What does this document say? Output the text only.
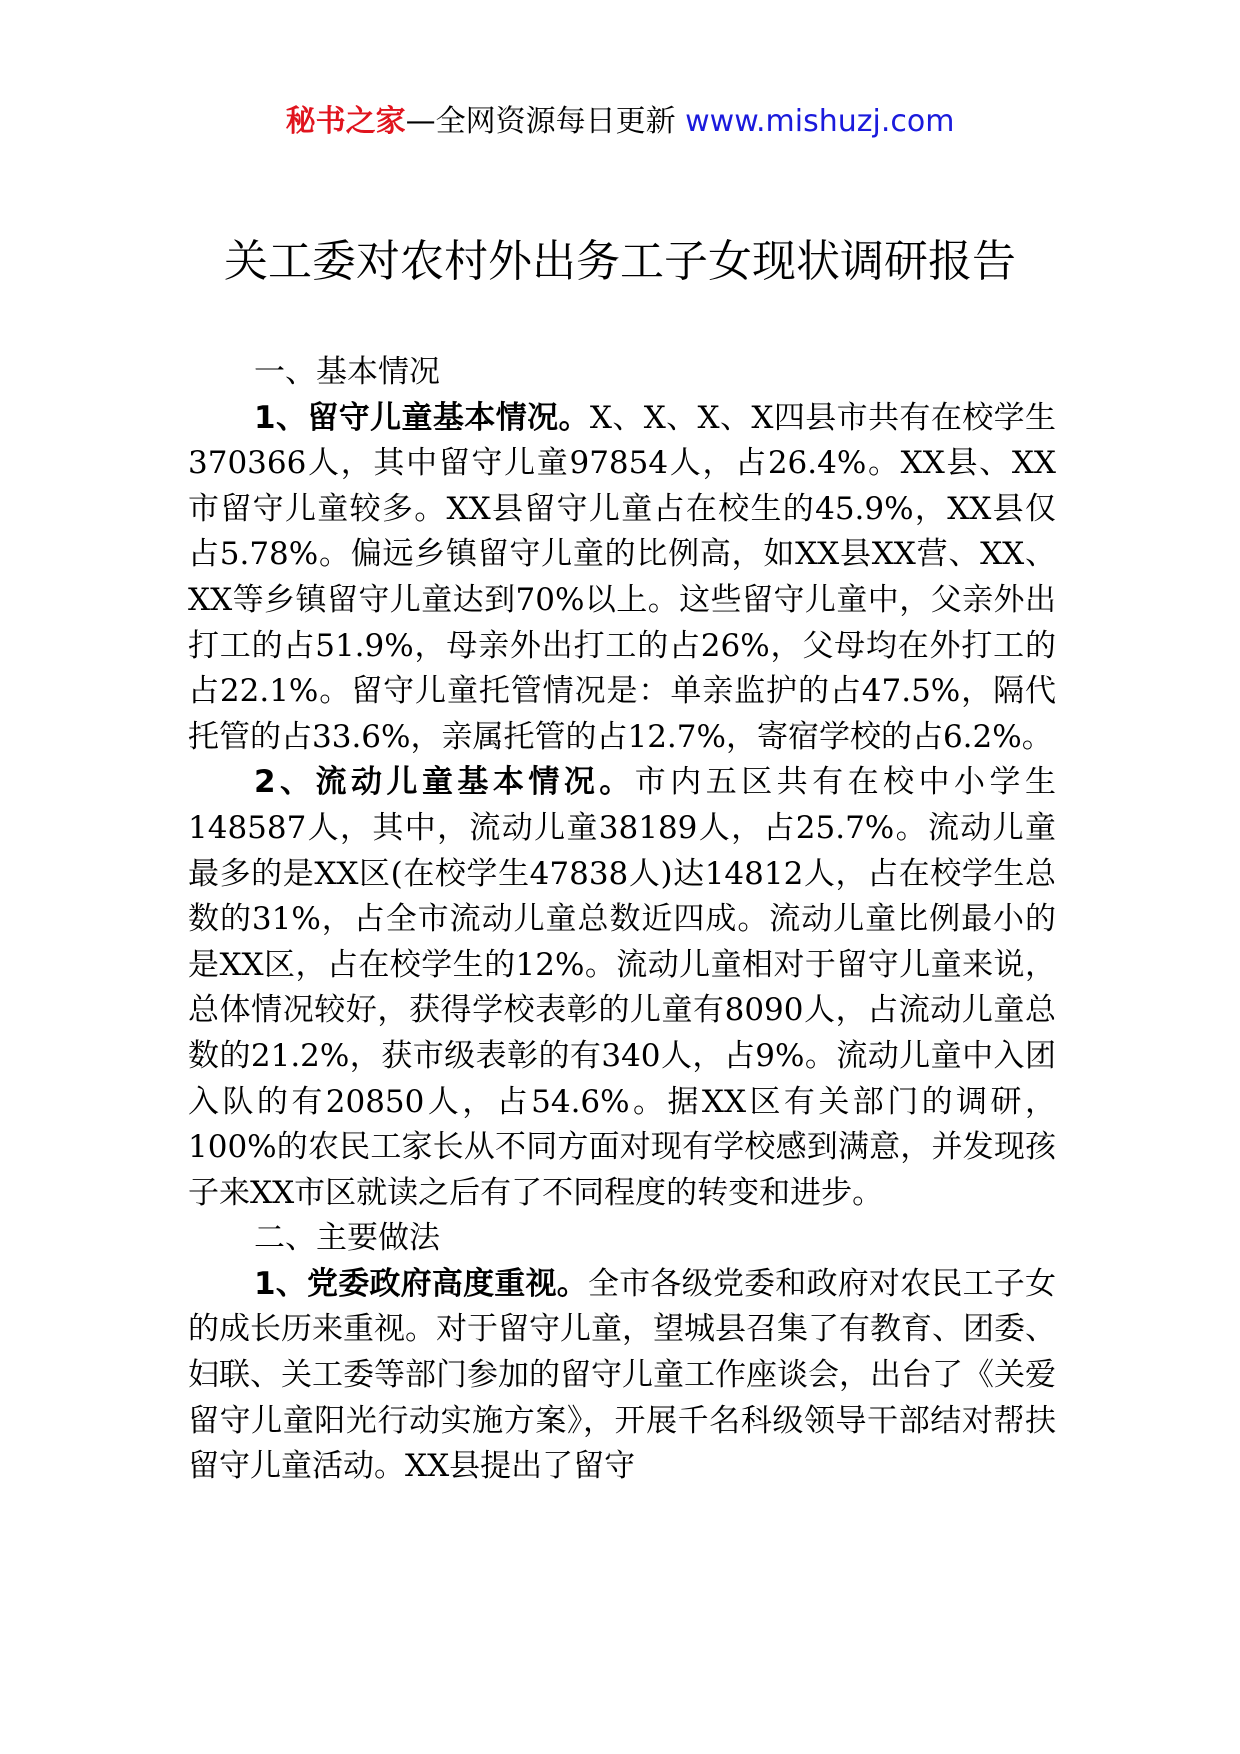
秘书之家—全网资源每日更新 www.mishuzj.com
关工委对农村外出务工子女现状调研报告

一、基本情况

1、留守儿童基本情况。X、X、X、X四县市共有在校学生370366人，其中留守儿童97854人，占26.4%。XX县、XX市留守儿童较多。XX县留守儿童占在校生的45.9%，XX县仅占5.78%。偏远乡镇留守儿童的比例高，如XX县XX营、XX、XX等乡镇留守儿童达到70%以上。这些留守儿童中，父亲外出打工的占51.9%，母亲外出打工的占26%，父母均在外打工的占22.1%。留守儿童托管情况是：单亲监护的占47.5%，隔代托管的占33.6%，亲属托管的占12.7%，寄宿学校的占6.2%。

2、流动儿童基本情况。市内五区共有在校中小学生148587人，其中，流动儿童38189人，占25.7%。流动儿童最多的是XX区(在校学生47838人)达14812人，占在校学生总数的31%，占全市流动儿童总数近四成。流动儿童比例最小的是XX区，占在校学生的12%。流动儿童相对于留守儿童来说，总体情况较好，获得学校表彰的儿童有8090人，占流动儿童总数的21.2%，获市级表彰的有340人，占9%。流动儿童中入团入队的有20850人，占54.6%。据XX区有关部门的调研，100%的农民工家长从不同方面对现有学校感到满意，并发现孩子来XX市区就读之后有了不同程度的转变和进步。

二、主要做法

1、党委政府高度重视。全市各级党委和政府对农民工子女的成长历来重视。对于留守儿童，望城县召集了有教育、团委、妇联、关工委等部门参加的留守儿童工作座谈会，出台了《关爱留守儿童阳光行动实施方案》，开展千名科级领导干部结对帮扶留守儿童活动。XX县提出了留守
